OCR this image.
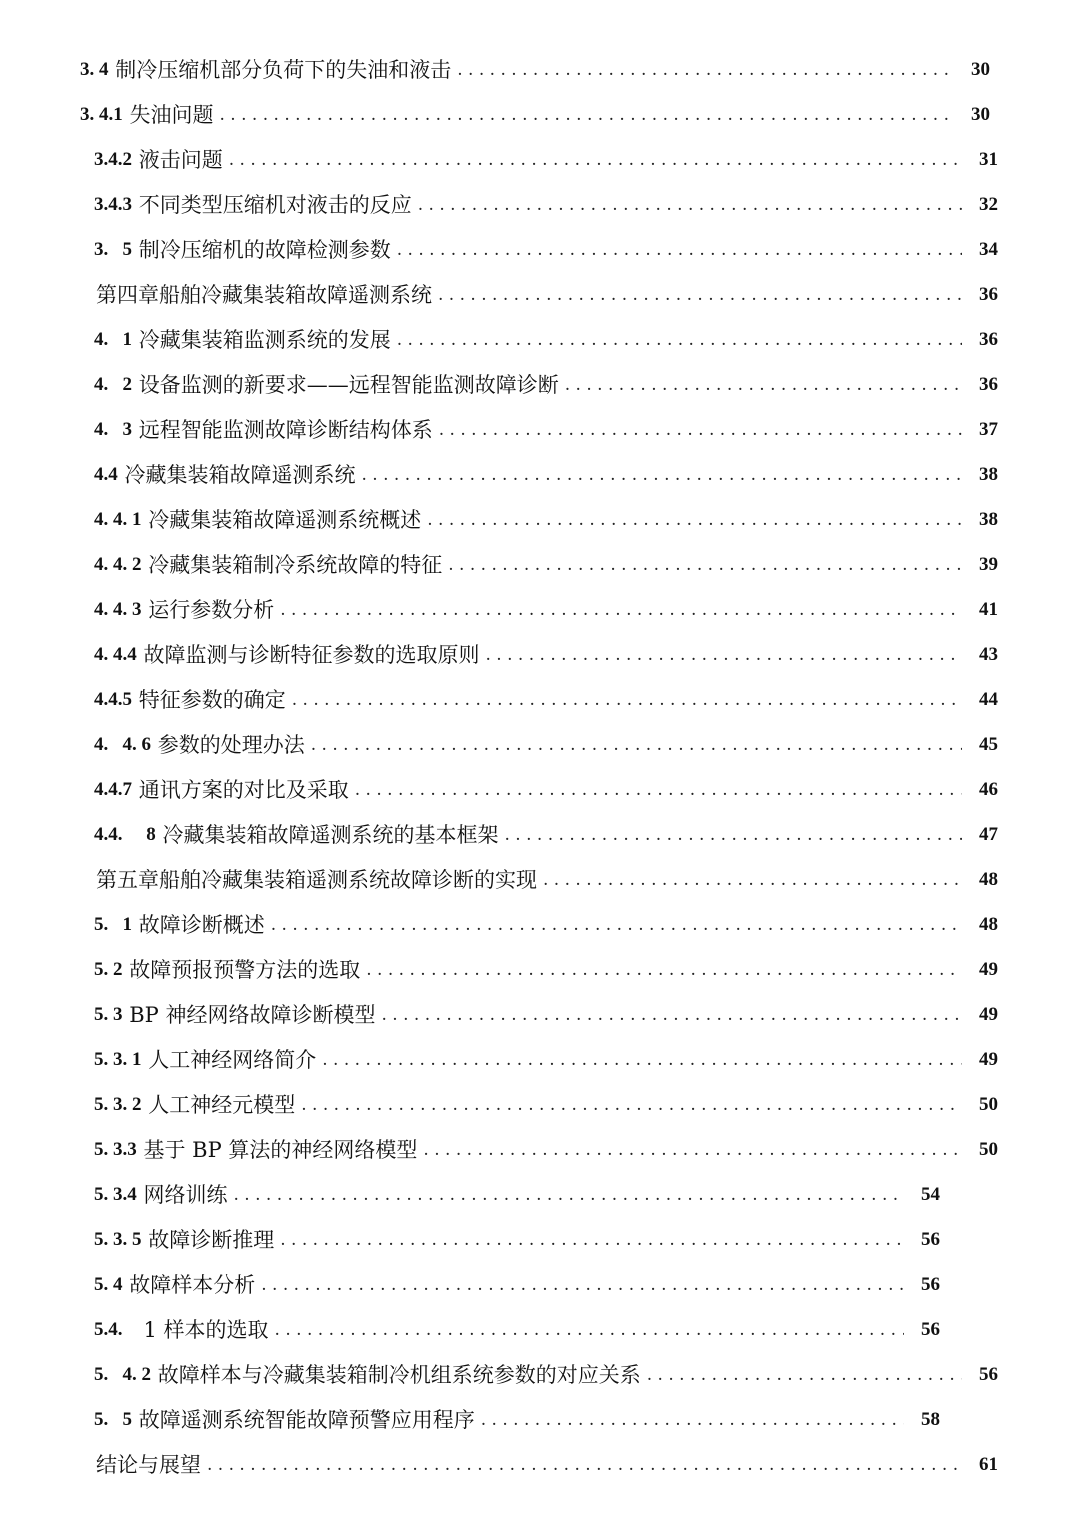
3. 4 制冷压缩机部分负荷下的失油和液击 . . .	30
3. 4.1 失油问题 . . .	30
3.4.2 液击问题 . . .	31
3.4.3 不同类型压缩机对液击的反应 . . .	32
3.   5 制冷压缩机的故障检测参数 . . .	34
第四章船舶冷藏集装箱故障遥测系统 . . .	36
4.   1 冷藏集装箱监测系统的发展 . . .	36
4.   2 设备监测的新要求——远程智能监测故障诊断 . . .	36
4.   3 远程智能监测故障诊断结构体系 . . .	37
4.4 冷藏集装箱故障遥测系统 . . .	38
4. 4. 1 冷藏集装箱故障遥测系统概述 . . .	38
4. 4. 2 冷藏集装箱制冷系统故障的特征 . . .	39
4. 4. 3 运行参数分析 . . .	41
4. 4.4 故障监测与诊断特征参数的选取原则 . . .	43
4.4.5 特征参数的确定 . . .	44
4.   4. 6 参数的处理办法 . . .	45
4.4.7 通讯方案的对比及采取 . . .	46
4.4.     8 冷藏集装箱故障遥测系统的基本框架 . . .	47
第五章船舶冷藏集装箱遥测系统故障诊断的实现 . . .	48
5.   1 故障诊断概述 . . .	48
5. 2 故障预报预警方法的选取 . . .	49
5. 3 BP 神经网络故障诊断模型 . . .	49
5. 3. 1 人工神经网络简介 . . .	49
5. 3. 2 人工神经元模型 . . .	50
5. 3.3 基于 BP 算法的神经网络模型 . . .	50
5. 3.4 网络训练 . . .	54
5. 3. 5 故障诊断推理 . . .	56
5. 4 故障样本分析 . . .	56
5.4. 1 样本的选取 . . .	56
5.   4. 2 故障样本与冷藏集装箱制冷机组系统参数的对应关系 . . .	56
5.   5 故障遥测系统智能故障预警应用程序 . . .	58
结论与展望 . . .	61
